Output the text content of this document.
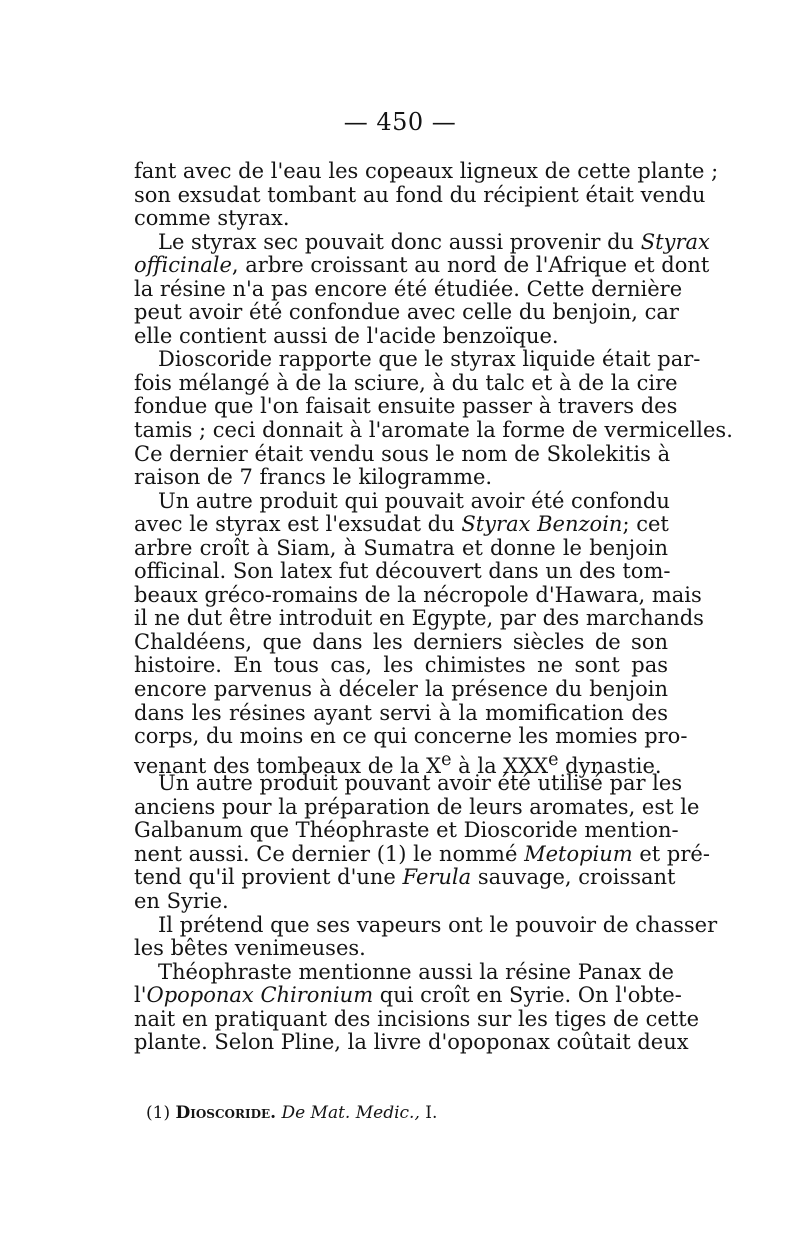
— 450 —
fant avec de l'eau les copeaux ligneux de cette plante ;
son exsudat tombant au fond du récipient était vendu
comme styrax.
Le styrax sec pouvait donc aussi provenir du Styrax
officinale, arbre croissant au nord de l'Afrique et dont
la résine n'a pas encore été étudiée. Cette dernière
peut avoir été confondue avec celle du benjoin, car
elle contient aussi de l'acide benzoïque.
Dioscoride rapporte que le styrax liquide était par-
fois mélangé à de la sciure, à du talc et à de la cire
fondue que l'on faisait ensuite passer à travers des
tamis ; ceci donnait à l'aromate la forme de vermicelles.
Ce dernier était vendu sous le nom de Skolekitis à
raison de 7 francs le kilogramme.
Un autre produit qui pouvait avoir été confondu
avec le styrax est l'exsudat du Styrax Benzoin; cet
arbre croît à Siam, à Sumatra et donne le benjoin
officinal. Son latex fut découvert dans un des tom-
beaux gréco-romains de la nécropole d'Hawara, mais
il ne dut être introduit en Egypte, par des marchands
Chaldéens, que dans les derniers siècles de son
histoire. En tous cas, les chimistes ne sont pas
encore parvenus à déceler la présence du benjoin
dans les résines ayant servi à la momification des
corps, du moins en ce qui concerne les momies pro-
venant des tombeaux de la Xe à la XXXe dynastie.
Un autre produit pouvant avoir été utilisé par les
anciens pour la préparation de leurs aromates, est le
Galbanum que Théophraste et Dioscoride mention-
nent aussi. Ce dernier (1) le nommé Metopium et pré-
tend qu'il provient d'une Ferula sauvage, croissant
en Syrie.
Il prétend que ses vapeurs ont le pouvoir de chasser
les bêtes venimeuses.
Théophraste mentionne aussi la résine Panax de
l'Opoponax Chironium qui croît en Syrie. On l'obte-
nait en pratiquant des incisions sur les tiges de cette
plante. Selon Pline, la livre d'opoponax coûtait deux
(1) Dioscoride. De Mat. Medic., I.
